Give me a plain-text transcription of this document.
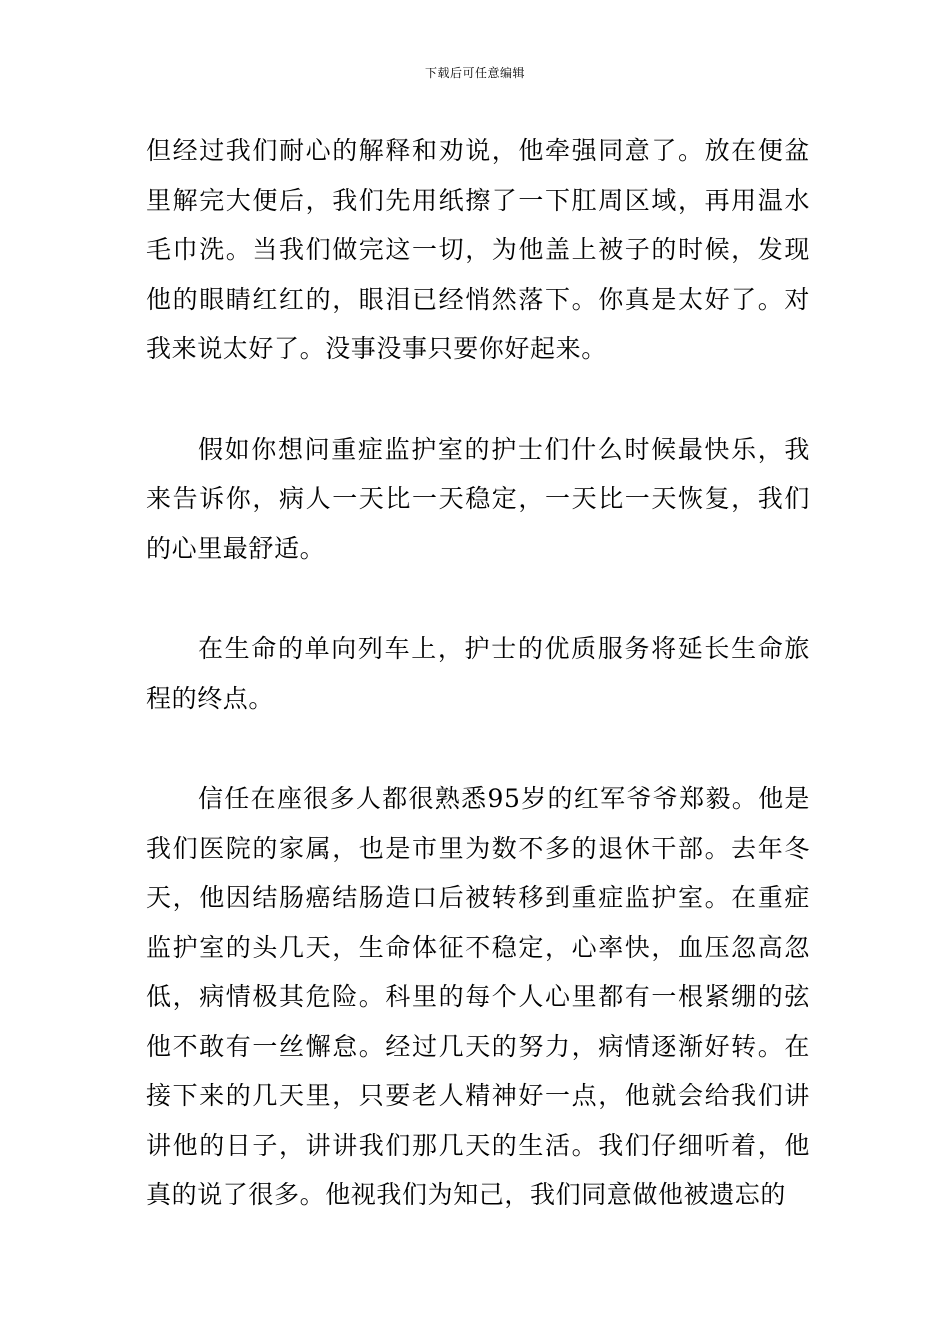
下载后可任意编辑

但经过我们耐心的解释和劝说，他牵强同意了。放在便盆里解完大便后，我们先用纸擦了一下肛周区域，再用温水毛巾洗。当我们做完这一切，为他盖上被子的时候，发现他的眼睛红红的，眼泪已经悄然落下。你真是太好了。对我来说太好了。没事没事只要你好起来。

假如你想问重症监护室的护士们什么时候最快乐，我来告诉你，病人一天比一天稳定，一天比一天恢复，我们的心里最舒适。

在生命的单向列车上，护士的优质服务将延长生命旅程的终点。

信任在座很多人都很熟悉95岁的红军爷爷郑毅。他是我们医院的家属，也是市里为数不多的退休干部。去年冬天，他因结肠癌结肠造口后被转移到重症监护室。在重症监护室的头几天，生命体征不稳定，心率快，血压忽高忽低，病情极其危险。科里的每个人心里都有一根紧绷的弦他不敢有一丝懈怠。经过几天的努力，病情逐渐好转。在接下来的几天里，只要老人精神好一点，他就会给我们讲讲他的日子，讲讲我们那几天的生活。我们仔细听着，他真的说了很多。他视我们为知己，我们同意做他被遗忘的
